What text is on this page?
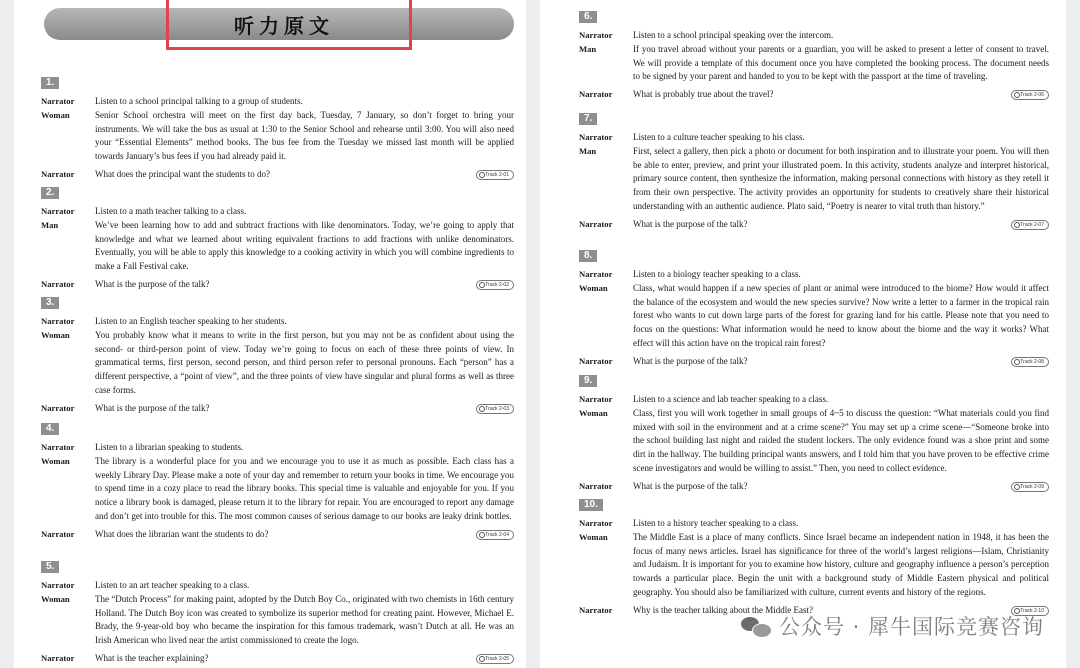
听力原文
1.
Narrator	Listen to a school principal talking to a group of students.
Woman	Senior School orchestra will meet on the first day back, Tuesday, 7 January, so don’t forget to bring your instruments. We will take the bus as usual at 1:30 to the Senior School and rehearse until 3:00. You will also need your “Essential Elements” method books. The bus fee from the Tuesday we missed last month will be applied towards January’s bus fees if you had already paid it.
Narrator	What does the principal want the students to do?	Track 2-01
2.
Narrator	Listen to a math teacher talking to a class.
Man	We’ve been learning how to add and subtract fractions with like denominators. Today, we’re going to apply that knowledge and what we learned about writing equivalent fractions to add fractions with unlike denominators. Eventually, you will be able to apply this knowledge to a cooking activity in which you will combine ingredients to make a Fall Festival cake.
Narrator	What is the purpose of the talk?	Track 2-02
3.
Narrator	Listen to an English teacher speaking to her students.
Woman	You probably know what it means to write in the first person, but you may not be as confident about using the second- or third-person point of view. Today we’re going to focus on each of these three points of view. In grammatical terms, first person, second person, and third person refer to personal pronouns. Each “person” has a different perspective, a “point of view”, and the three points of view have singular and plural forms as well as three case forms.
Narrator	What is the purpose of the talk?	Track 2-03
4.
Narrator	Listen to a librarian speaking to students.
Woman	The library is a wonderful place for you and we encourage you to use it as much as possible. Each class has a weekly Library Day. Please make a note of your day and remember to return your books in time. We encourage you to spend time in a cozy place to read the library books. This special time is valuable and enjoyable for you. If you notice a library book is damaged, please return it to the library for repair. You are encouraged to report any damage and don’t get into trouble for this. The most common causes of serious damage to our books are leaky drink bottles.
Narrator	What does the librarian want the students to do?	Track 2-04
5.
Narrator	Listen to an art teacher speaking to a class.
Woman	The “Dutch Process” for making paint, adopted by the Dutch Boy Co., originated with two chemists in 16th century Holland. The Dutch Boy icon was created to symbolize its superior method for creating paint. However, Michael E. Brady, the 9-year-old boy who became the inspiration for this famous trademark, wasn’t Dutch at all. He was an Irish American who lived near the artist commissioned to create the logo.
Narrator	What is the teacher explaining?	Track 2-05
6.
Narrator	Listen to a school principal speaking over the intercom.
Man	If you travel abroad without your parents or a guardian, you will be asked to present a letter of consent to travel. We will provide a template of this document once you have completed the booking process. The document needs to be signed by your parent and handed to you to be kept with the passport at the time of traveling.
Narrator	What is probably true about the travel?	Track 2-06
7.
Narrator	Listen to a culture teacher speaking to his class.
Man	First, select a gallery, then pick a photo or document for both inspiration and to illustrate your poem. You will then be able to enter, preview, and print your illustrated poem. In this activity, students analyze and interpret historical, primary source content, then synthesize the information, making personal connections with history as they retell it from their own perspective. The activity provides an opportunity for students to creatively share their historical understanding with an authentic audience. Plato said, “Poetry is nearer to vital truth than history.”
Narrator	What is the purpose of the talk?	Track 2-07
8.
Narrator	Listen to a biology teacher speaking to a class.
Woman	Class, what would happen if a new species of plant or animal were introduced to the biome? How would it affect the balance of the ecosystem and would the new species survive? Now write a letter to a farmer in the tropical rain forest who wants to cut down large parts of the forest for grazing land for his cattle. Please note that you need to focus on the questions: What information would he need to know about the biome and the way it works? What effect will this action have on the tropical rain forest?
Narrator	What is the purpose of the talk?	Track 2-08
9.
Narrator	Listen to a science and lab teacher speaking to a class.
Woman	Class, first you will work together in small groups of 4~5 to discuss the question: “What materials could you find mixed with soil in the environment and at a crime scene?” You may set up a crime scene—“Someone broke into the school building last night and raided the student lockers. The only evidence found was a shoe print and some dirt in the hallway. The building principal wants answers, and I told him that you have proven to be effective crime scene investigators and would be willing to assist.” Then, you need to collect evidence.
Narrator	What is the purpose of the talk?	Track 2-09
10.
Narrator	Listen to a history teacher speaking to a class.
Woman	The Middle East is a place of many conflicts. Since Israel became an independent nation in 1948, it has been the focus of many news articles. Israel has significance for three of the world’s largest religions—Islam, Christianity and Judaism. It is important for you to examine how history, culture and geography influence a person’s perception towards a particular place. Begin the unit with a background study of Middle Eastern physical and political geography. You should also be familiarized with culture, current events and history of the regions.
Narrator	Why is the teacher talking about the Middle East?	Track 2-10
公众号 · 犀牛国际竞赛咨询
